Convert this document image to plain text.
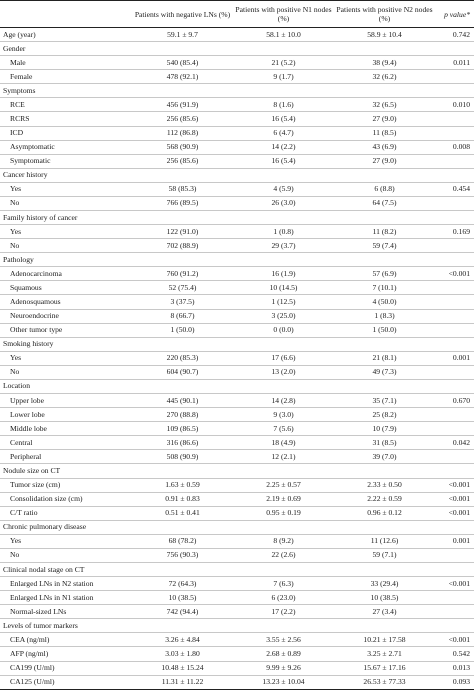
	Patients with negative LNs (%)	Patients with positive N1 nodes (%)	Patients with positive N2 nodes (%)	p value*
Age (year)	59.1 ± 9.7	58.1 ± 10.0	58.9 ± 10.4	0.742
Gender				
Male	540 (85.4)	21 (5.2)	38 (9.4)	0.011
Female	478 (92.1)	9 (1.7)	32 (6.2)	
Symptoms				
RCE	456 (91.9)	8 (1.6)	32 (6.5)	0.010
RCRS	256 (85.6)	16 (5.4)	27 (9.0)	
ICD	112 (86.8)	6 (4.7)	11 (8.5)	
Asymptomatic	568 (90.9)	14 (2.2)	43 (6.9)	0.008
Symptomatic	256 (85.6)	16 (5.4)	27 (9.0)	
Cancer history				
Yes	58 (85.3)	4 (5.9)	6 (8.8)	0.454
No	766 (89.5)	26 (3.0)	64 (7.5)	
Family history of cancer				
Yes	122 (91.0)	1 (0.8)	11 (8.2)	0.169
No	702 (88.9)	29 (3.7)	59 (7.4)	
Pathology				
Adenocarcinoma	760 (91.2)	16 (1.9)	57 (6.9)	<0.001
Squamous	52 (75.4)	10 (14.5)	7 (10.1)	
Adenosquamous	3 (37.5)	1 (12.5)	4 (50.0)	
Neuroendocrine	8 (66.7)	3 (25.0)	1 (8.3)	
Other tumor type	1 (50.0)	0 (0.0)	1 (50.0)	
Smoking history				
Yes	220 (85.3)	17 (6.6)	21 (8.1)	0.001
No	604 (90.7)	13 (2.0)	49 (7.3)	
Location				
Upper lobe	445 (90.1)	14 (2.8)	35 (7.1)	0.670
Lower lobe	270 (88.8)	9 (3.0)	25 (8.2)	
Middle lobe	109 (86.5)	7 (5.6)	10 (7.9)	
Central	316 (86.6)	18 (4.9)	31 (8.5)	0.042
Peripheral	508 (90.9)	12 (2.1)	39 (7.0)	
Nodule size on CT				
Tumor size (cm)	1.63 ± 0.59	2.25 ± 0.57	2.33 ± 0.50	<0.001
Consolidation size (cm)	0.91 ± 0.83	2.19 ± 0.69	2.22 ± 0.59	<0.001
C/T ratio	0.51 ± 0.41	0.95 ± 0.19	0.96 ± 0.12	<0.001
Chronic pulmonary disease				
Yes	68 (78.2)	8 (9.2)	11 (12.6)	0.001
No	756 (90.3)	22 (2.6)	59 (7.1)	
Clinical nodal stage on CT				
Enlarged LNs in N2 station	72 (64.3)	7 (6.3)	33 (29.4)	<0.001
Enlarged LNs in N1 station	10 (38.5)	6 (23.0)	10 (38.5)	
Normal-sized LNs	742 (94.4)	17 (2.2)	27 (3.4)	
Levels of tumor markers				
CEA (ng/ml)	3.26 ± 4.84	3.55 ± 2.56	10.21 ± 17.58	<0.001
AFP (ng/ml)	3.03 ± 1.80	2.68 ± 0.89	3.25 ± 2.71	0.542
CA199 (U/ml)	10.48 ± 15.24	9.99 ± 9.26	15.67 ± 17.16	0.013
CA125 (U/ml)	11.31 ± 11.22	13.23 ± 10.04	26.53 ± 77.33	0.093
